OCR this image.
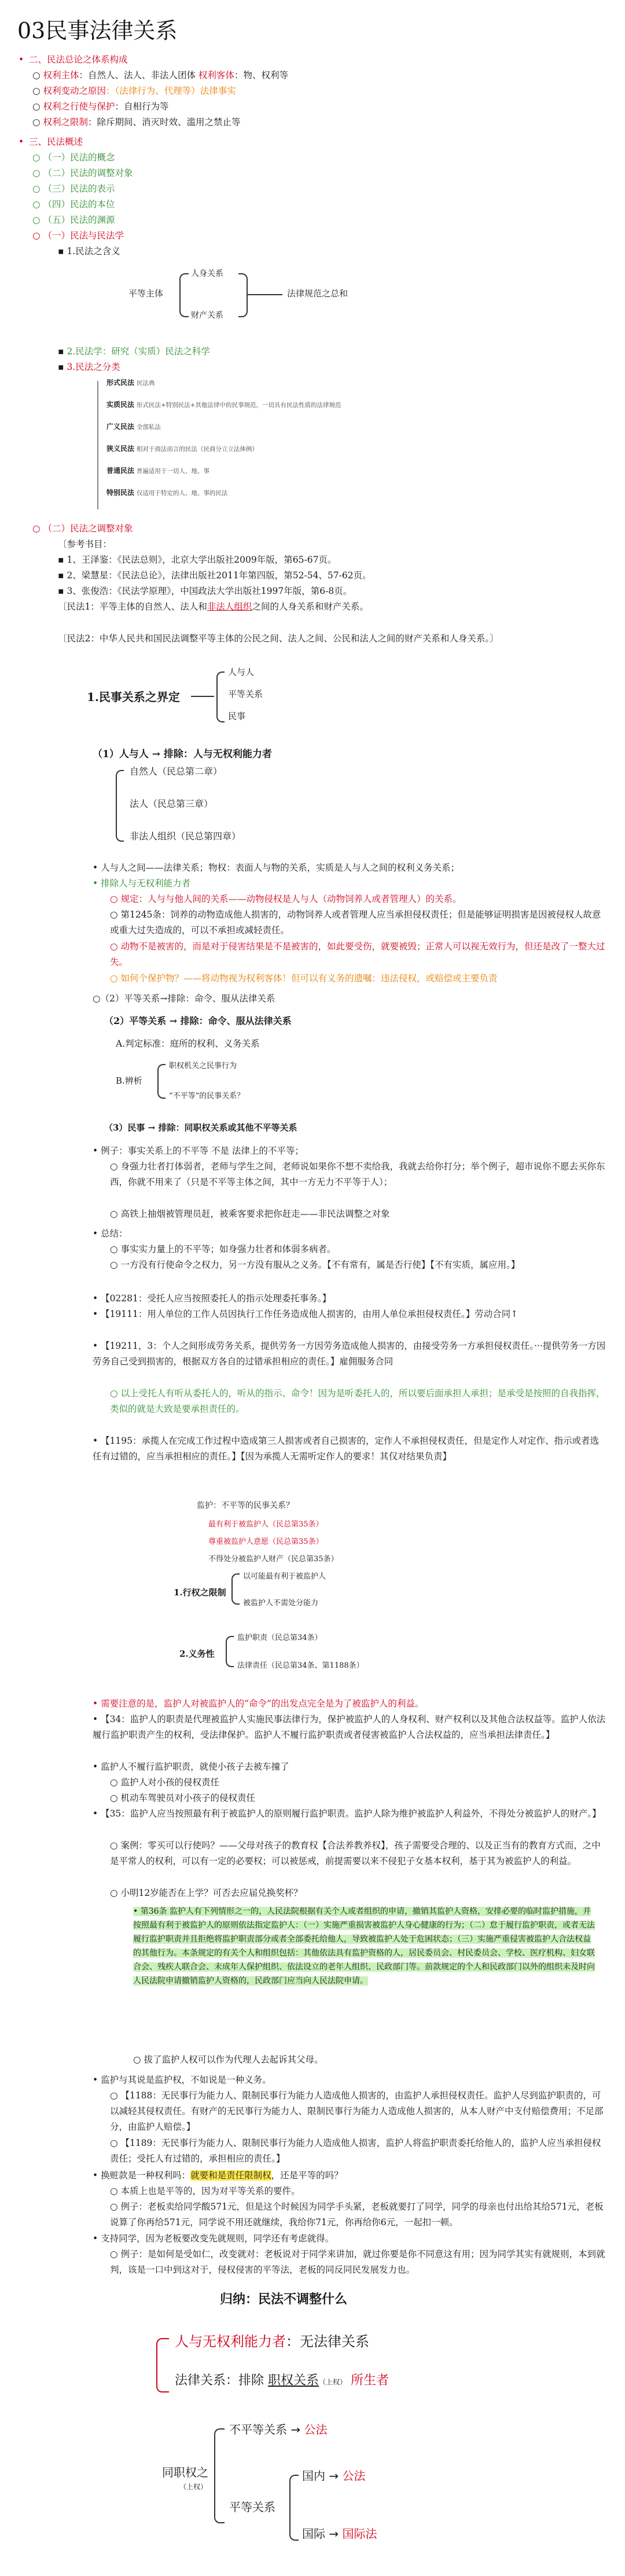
03民事法律关系
• 二、民法总论之体系构成
○ 权利主体：自然人、法人、非法人团体 权利客体：物、权利等
○ 权利变动之原因：（法律行为、代理等）法律事实
○ 权利之行使与保护：自相行为等
○ 权利之限制：除斥期间、消灭时效、滥用之禁止等
• 三、民法概述
○ （一）民法的概念
○ （二）民法的调整对象
○ （三）民法的表示
○ （四）民法的本位
○ （五）民法的渊源
○ （一）民法与民法学
▪ 1.民法之含义
平等主体
人身关系
财产关系
法律规范之总和
▪ 2.民法学：研究（实质）民法之科学
▪ 3.民法之分类
形式民法 民法典
实质民法 形式民法+特别民法+其他法律中的民事规范，一切具有民法性质的法律规范
广义民法 全部私法
狭义民法 相对于商法而言的民法（民商分立立法体例）
普通民法 普遍适用于一切人、地、事
特别民法 仅适用于特定的人、地、事的民法
○ （二）民法之调整对象
〔参考书目：
▪ 1、王泽鉴：《民法总则》，北京大学出版社2009年版，第65-67页。
▪ 2、梁慧星：《民法总论》，法律出版社2011年第四版，第52-54、57-62页。
▪ 3、张俊浩：《民法学原理》，中国政法大学出版社1997年版，第6-8页。
〔民法1：平等主体的自然人、法人和非法人组织之间的人身关系和财产关系。
〔民法2：中华人民共和国民法调整平等主体的公民之间、法人之间、公民和法人之间的财产关系和人身关系。〕
1.民事关系之界定
人与人
平等关系
民事
（1）人与人 → 排除：人与无权利能力者
自然人（民总第二章）
法人（民总第三章）
非法人组织（民总第四章）
• 人与人之间——法律关系；物权：表面人与物的关系，实质是人与人之间的权利义务关系；
• 排除人与无权利能力者
○ 规定：人与与他人间的关系——动物侵权是人与人（动物饲养人或者管理人）的关系。
○ 第1245条：饲养的动物造成他人损害的，动物饲养人或者管理人应当承担侵权责任；但是能够证明损害是因被侵权人故意或重大过失造成的，可以不承担或减轻责任。
○ 动物不是被害的，而是对于侵害结果是不是被害的，如此要受伤，就要被毁；正常人可以视无效行为，但还是改了一整大过失。
○ 如何个保护物？——将动物视为权利客体！但可以有义务的遗嘱：违法侵权，或赔偿或主要负责
○（2）平等关系→排除：命令、服从法律关系
（2）平等关系 → 排除：命令、服从法律关系
A.判定标准：庭所的权利、义务关系
B.辨析
职权机关之民事行为
“不平等”的民事关系？
（3）民事 → 排除：同职权关系或其他不平等关系
• 例子：事实关系上的不平等 不是 法律上的不平等；
○ 身强力壮者打体弱者，老师与学生之间，老师说如果你不想不卖给我，我就去给你打分；举个例子，超市说你不愿去买你东西，你就不用来了（只是不平等主体之间，其中一方无力不平等于人）；
○ 高铁上抽烟被管理员赶，被乘客要求把你赶走——非民法调整之对象
• 总结：
○ 事实实力量上的不平等；如身强力壮者和体弱多病者。
○ 一方没有行使命令之权力，另一方没有服从之义务。【不有常有，属是否行使】【不有实质，属应用。】
• 【02281：受托人应当按照委托人的指示处理委托事务。】
• 【19111：用人单位的工作人员因执行工作任务造成他人损害的，由用人单位承担侵权责任。】劳动合同↑
• 【19211，3：个人之间形成劳务关系，提供劳务一方因劳务造成他人损害的，由接受劳务一方承担侵权责任。···提供劳务一方因劳务自己受到损害的，根据双方各自的过错承担相应的责任。】雇佣服务合同
○ 以上受托人有听从委托人的，听从的指示、命令！因为是听委托人的，所以要后面承担人承担；是承受是按照的自我指挥，类似的就是大致是要承担责任的。
• 【1195：承揽人在完成工作过程中造成第三人损害或者自己损害的，定作人不承担侵权责任，但是定作人对定作、指示或者选任有过错的，应当承担相应的责任。】【因为承揽人无需听定作人的要求！其仅对结果负责】
监护：不平等的民事关系？
最有利于被监护人（民总第35条）
尊重被监护人意愿（民总第35条）
不得处分被监护人财产（民总第35条）
1.行权之限制
以可能最有利于被监护人
被监护人不需处分能力
2.义务性
监护职责（民总第34条）
法律责任（民总第34条、第1188条）
• 需要注意的是，监护人对被监护人的“命令”的出发点完全是为了被监护人的利益。
• 【34：监护人的职责是代理被监护人实施民事法律行为，保护被监护人的人身权利、财产权利以及其他合法权益等。监护人依法履行监护职责产生的权利，受法律保护。监护人不履行监护职责或者侵害被监护人合法权益的，应当承担法律责任。】
• 监护人不履行监护职责，就使小孩子去被车撞了
○ 监护人对小孩的侵权责任
○ 机动车驾驶员对小孩子的侵权责任
• 【35：监护人应当按照最有利于被监护人的原则履行监护职责。监护人除为维护被监护人利益外，不得处分被监护人的财产。】
○ 案例：零买可以行使吗？——父母对孩子的教育权【合法养教养权】，孩子需要受合理的、以及正当有的教育方式而，之中是平常人的权利，可以有一定的必要权；可以被惩戒，前提需要以来不侵犯子女基本权利，基于其为被监护人的利益。
○ 小明12岁能否在上学？可否去应届兑换奖杯？
• 第36条 监护人有下列情形之一的，人民法院根据有关个人或者组织的申请，撤销其监护人资格，安排必要的临时监护措施，并按照最有利于被监护人的原则依法指定监护人：（一）实施严重损害被监护人身心健康的行为；（二）怠于履行监护职责，或者无法履行监护职责并且拒绝将监护职责部分或者全部委托给他人，导致被监护人处于危困状态；（三）实施严重侵害被监护人合法权益的其他行为。本条规定的有关个人和组织包括：其他依法具有监护资格的人，居民委员会、村民委员会、学校、医疗机构、妇女联合会、残疾人联合会、未成年人保护组织、依法设立的老年人组织、民政部门等。前款规定的个人和民政部门以外的组织未及时向人民法院申请撤销监护人资格的，民政部门应当向人民法院申请。
○ 拔了监护人权可以作为代理人去起诉其父母。
• 监护与其说是监护权，不如说是一种义务。
○ 【1188：无民事行为能力人、限制民事行为能力人造成他人损害的，由监护人承担侵权责任。监护人尽到监护职责的，可以减轻其侵权责任。有财产的无民事行为能力人、限制民事行为能力人造成他人损害的，从本人财产中支付赔偿费用；不足部分，由监护人赔偿。】
○ 【1189：无民事行为能力人、限制民事行为能力人造成他人损害，监护人将监护职责委托给他人的，监护人应当承担侵权责任；受托人有过错的，承担相应的责任。】
• 换赃款是一种权利吗：就要和是责任限制权，还是平等的吗？
○ 本质上也是平等的，因为对平等关系的要件。
○ 例子：老板卖给同学酸571元，但是这个时候因为同学手头紧，老板就要打了同学，同学的母亲也付出给其给571元，老板说算了你再给571元，同学说不用还就继续，我给你71元，你再给你6元，一起扣一顿。
• 支持同学，因为老板要改变先就规则，同学还有考虑就得。
○ 例子：是如何是受如仁，改变就对：老板说对于同学来讲加，就过你要是你不同意这有用；因为同学其实有就规则，本到就判，该是一口中到这对于，侵权侵害的平等法，老板的同反同民发展发力也。
归纳：民法不调整什么
人与无权利能力者：无法律关系
法律关系：排除 职权关系（上权） 所生者
同职权之
（上权）
不平等关系 → 公法
平等关系
国内 → 公法
国际 → 国际法
